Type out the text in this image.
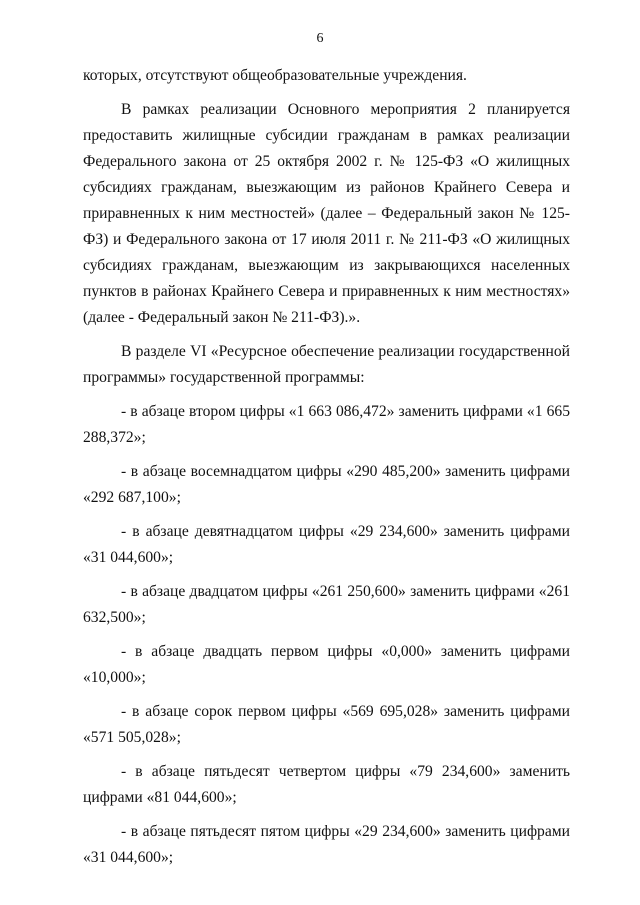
6

которых, отсутствуют общеобразовательные учреждения.

В рамках реализации Основного мероприятия 2 планируется предоставить жилищные субсидии гражданам в рамках реализации Федерального закона от 25 октября 2002 г. № 125-ФЗ «О жилищных субсидиях гражданам, выезжающим из районов Крайнего Севера и приравненных к ним местностей» (далее – Федеральный закон № 125-ФЗ) и Федерального закона от 17 июля 2011 г. № 211-ФЗ «О жилищных субсидиях гражданам, выезжающим из закрывающихся населенных пунктов в районах Крайнего Севера и приравненных к ним местностях» (далее - Федеральный закон № 211-ФЗ).».

В разделе VI «Ресурсное обеспечение реализации государственной программы» государственной программы:

- в абзаце втором цифры «1 663 086,472» заменить цифрами «1 665 288,372»;

- в абзаце восемнадцатом цифры «290 485,200» заменить цифрами «292 687,100»;

- в абзаце девятнадцатом цифры «29 234,600» заменить цифрами «31 044,600»;

- в абзаце двадцатом цифры «261 250,600» заменить цифрами «261 632,500»;

- в абзаце двадцать первом цифры «0,000» заменить цифрами «10,000»;

- в абзаце сорок первом цифры «569 695,028» заменить цифрами «571 505,028»;

- в абзаце пятьдесят четвертом цифры «79 234,600» заменить цифрами «81 044,600»;

- в абзаце пятьдесят пятом цифры «29 234,600» заменить цифрами «31 044,600»;
